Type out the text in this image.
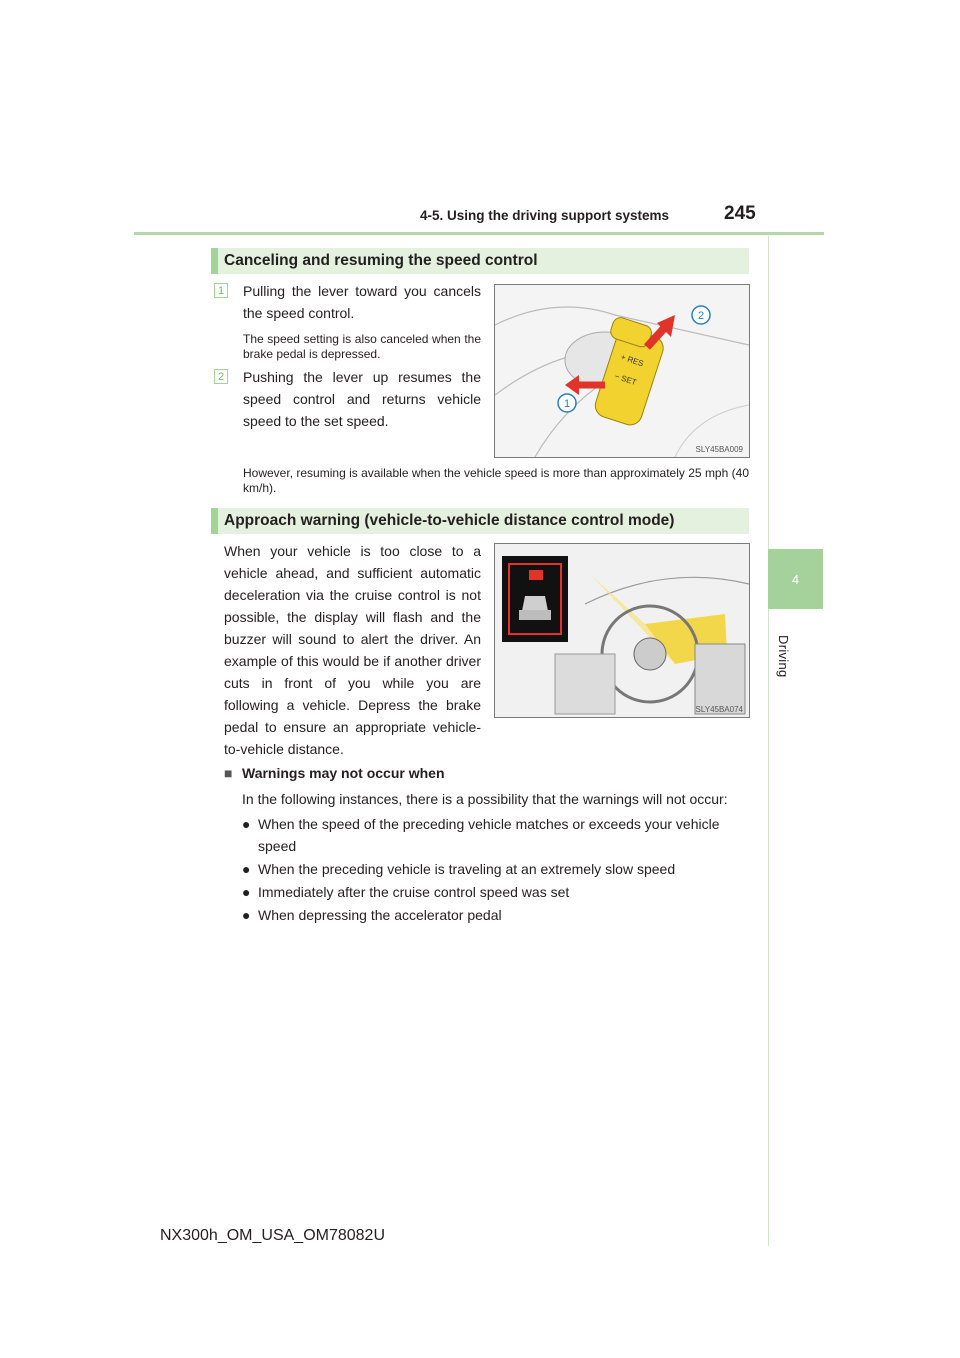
4-5. Using the driving support systems	245
4
Driving
Canceling and resuming the speed control
1 Pulling the lever toward you cancels the speed control.
The speed setting is also canceled when the brake pedal is depressed.
2 Pushing the lever up resumes the speed control and returns vehicle speed to the set speed.
+ RES
− SET
1
2
SLY45BA009
However, resuming is available when the vehicle speed is more than approximately 25 mph (40 km/h).
Approach warning (vehicle-to-vehicle distance control mode)
When your vehicle is too close to a vehicle ahead, and sufficient automatic deceleration via the cruise control is not possible, the display will flash and the buzzer will sound to alert the driver. An example of this would be if another driver cuts in front of you while you are following a vehicle. Depress the brake pedal to ensure an appropriate vehicle-to-vehicle distance.
SLY45BA074
■ Warnings may not occur when
In the following instances, there is a possibility that the warnings will not occur:
● When the speed of the preceding vehicle matches or exceeds your vehicle speed
● When the preceding vehicle is traveling at an extremely slow speed
● Immediately after the cruise control speed was set
● When depressing the accelerator pedal
NX300h_OM_USA_OM78082U
